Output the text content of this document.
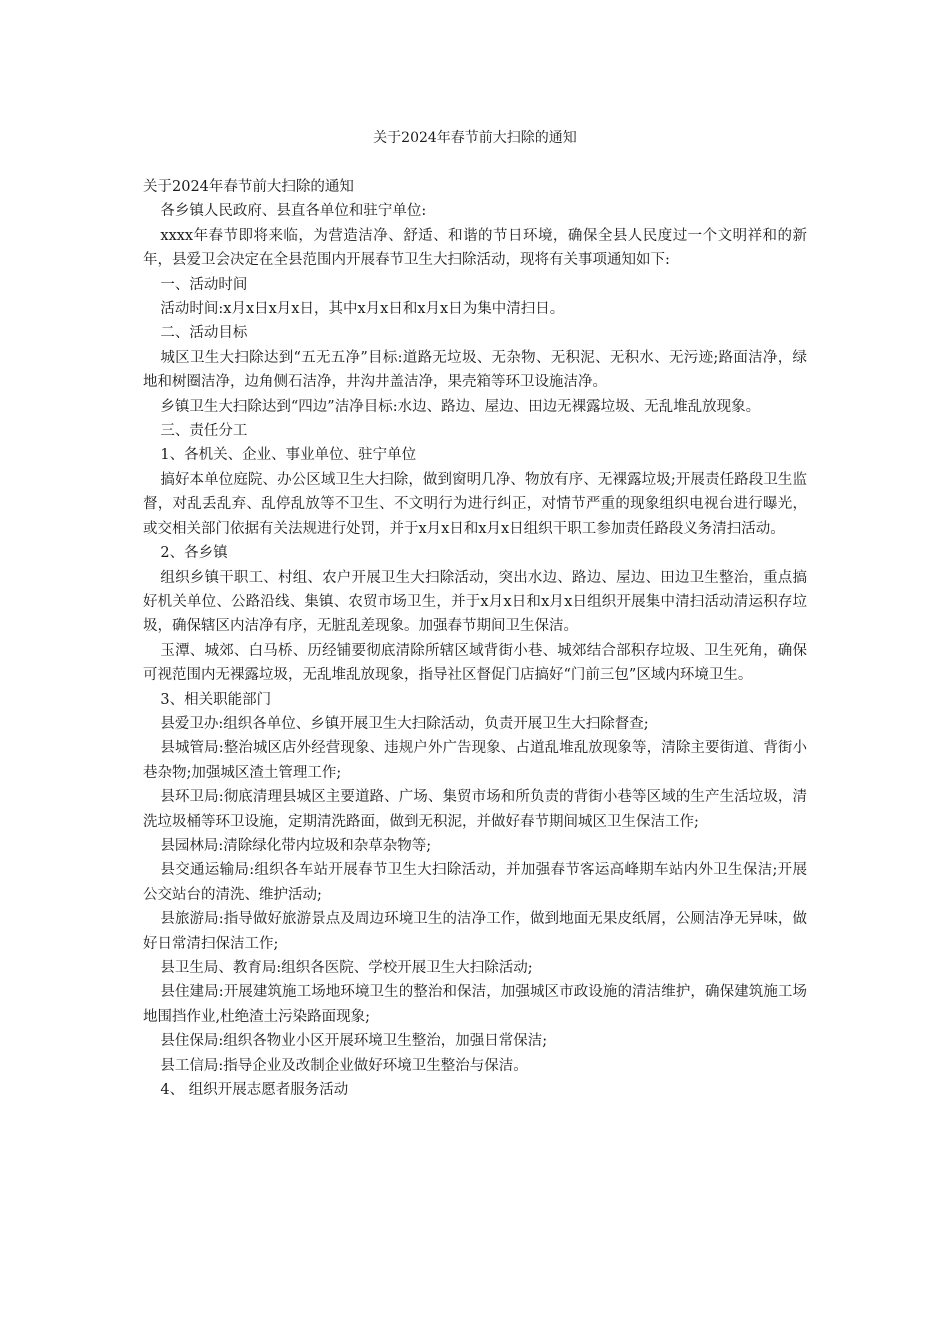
关于2024年春节前大扫除的通知

关于2024年春节前大扫除的通知

各乡镇人民政府、县直各单位和驻宁单位:

xxxx年春节即将来临，为营造洁净、舒适、和谐的节日环境，确保全县人民度过一个文明祥和的新年，县爱卫会决定在全县范围内开展春节卫生大扫除活动，现将有关事项通知如下:

一、活动时间

活动时间:x月x日x月x日，其中x月x日和x月x日为集中清扫日。

二、活动目标

城区卫生大扫除达到“五无五净”目标:道路无垃圾、无杂物、无积泥、无积水、无污迹;路面洁净，绿地和树圈洁净，边角侧石洁净，井沟井盖洁净，果壳箱等环卫设施洁净。

乡镇卫生大扫除达到“四边”洁净目标:水边、路边、屋边、田边无裸露垃圾、无乱堆乱放现象。

三、责任分工

1、各机关、企业、事业单位、驻宁单位

搞好本单位庭院、办公区域卫生大扫除，做到窗明几净、物放有序、无裸露垃圾;开展责任路段卫生监督，对乱丢乱弃、乱停乱放等不卫生、不文明行为进行纠正，对情节严重的现象组织电视台进行曝光，或交相关部门依据有关法规进行处罚，并于x月x日和x月x日组织干职工参加责任路段义务清扫活动。

2、各乡镇

组织乡镇干职工、村组、农户开展卫生大扫除活动，突出水边、路边、屋边、田边卫生整治，重点搞好机关单位、公路沿线、集镇、农贸市场卫生，并于x月x日和x月x日组织开展集中清扫活动清运积存垃圾，确保辖区内洁净有序，无脏乱差现象。加强春节期间卫生保洁。

玉潭、城郊、白马桥、历经铺要彻底清除所辖区域背街小巷、城郊结合部积存垃圾、卫生死角，确保可视范围内无裸露垃圾，无乱堆乱放现象，指导社区督促门店搞好“门前三包”区域内环境卫生。

3、相关职能部门

县爱卫办:组织各单位、乡镇开展卫生大扫除活动，负责开展卫生大扫除督查;

县城管局:整治城区店外经营现象、违规户外广告现象、占道乱堆乱放现象等，清除主要街道、背街小巷杂物;加强城区渣土管理工作;

县环卫局:彻底清理县城区主要道路、广场、集贸市场和所负责的背街小巷等区域的生产生活垃圾，清洗垃圾桶等环卫设施，定期清洗路面，做到无积泥，并做好春节期间城区卫生保洁工作;

县园林局:清除绿化带内垃圾和杂草杂物等;

县交通运输局:组织各车站开展春节卫生大扫除活动，并加强春节客运高峰期车站内外卫生保洁;开展公交站台的清洗、维护活动;

县旅游局:指导做好旅游景点及周边环境卫生的洁净工作，做到地面无果皮纸屑，公厕洁净无异味，做好日常清扫保洁工作;

县卫生局、教育局:组织各医院、学校开展卫生大扫除活动;

县住建局:开展建筑施工场地环境卫生的整治和保洁，加强城区市政设施的清洁维护，确保建筑施工场地围挡作业,杜绝渣土污染路面现象;

县住保局:组织各物业小区开展环境卫生整治，加强日常保洁;

县工信局:指导企业及改制企业做好环境卫生整治与保洁。

4、 组织开展志愿者服务活动
